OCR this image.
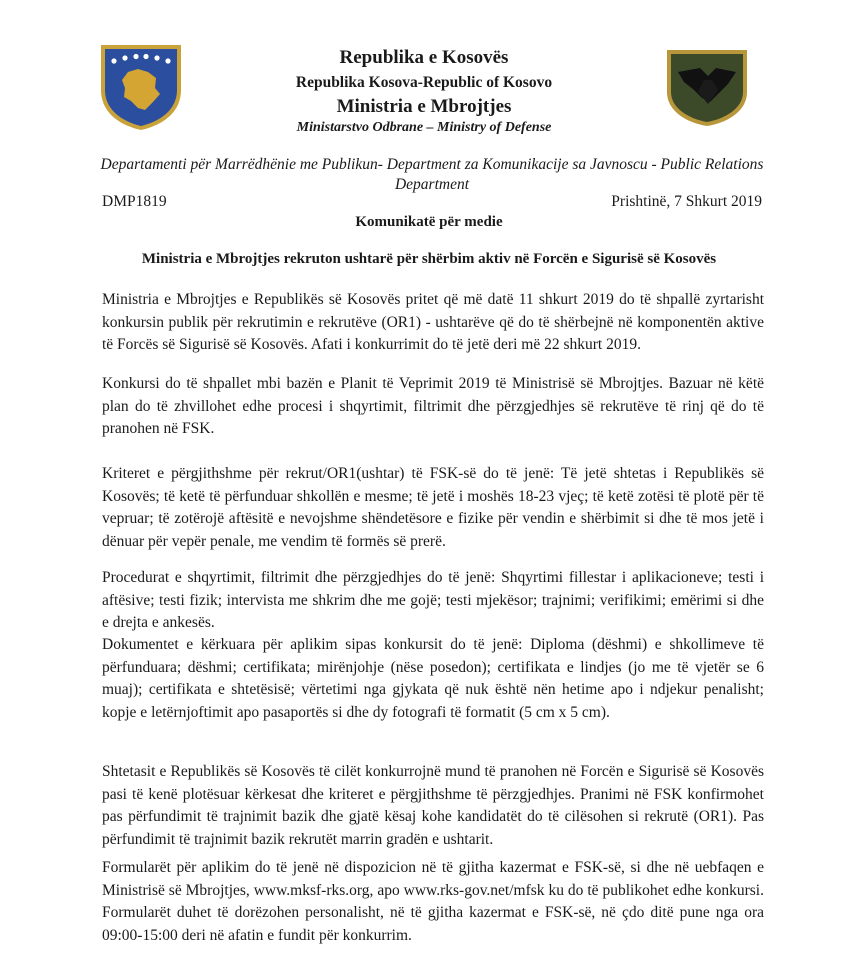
Republika e Kosovës
Republika Kosova-Republic of Kosovo
Ministria e Mbrojtjes
Ministarstvo Odbrane – Ministry of Defense
Departamenti për Marrëdhënie me Publikun- Department za Komunikacije sa Javnoscu - Public Relations Department
DMP1819	Prishtinë, 7 Shkurt 2019
Komunikatë për medie
Ministria e Mbrojtjes rekruton ushtarë për shërbim aktiv në Forcën e Sigurisë së Kosovës

Ministria e Mbrojtjes e Republikës së Kosovës pritet që më datë 11 shkurt 2019 do të shpallë zyrtarisht konkursin publik për rekrutimin e rekrutëve (OR1) - ushtarëve që do të shërbejnë në komponentën aktive të Forcës së Sigurisë së Kosovës. Afati i konkurrimit do të jetë deri më 22 shkurt 2019.

Konkursi do të shpallet mbi bazën e Planit të Veprimit 2019 të Ministrisë së Mbrojtjes. Bazuar në këtë plan do të zhvillohet edhe procesi i shqyrtimit, filtrimit dhe përzgjedhjes së rekrutëve të rinj që do të pranohen në FSK.

Kriteret e përgjithshme për rekrut/OR1(ushtar) të FSK-së do të jenë: Të jetë shtetas i Republikës së Kosovës; të ketë të përfunduar shkollën e mesme; të jetë i moshës 18-23 vjeç; të ketë zotësi të plotë për të vepruar; të zotërojë aftësitë e nevojshme shëndetësore e fizike për vendin e shërbimit si dhe të mos jetë i dënuar për vepër penale, me vendim të formës së prerë.

Procedurat e shqyrtimit, filtrimit dhe përzgjedhjes do të jenë: Shqyrtimi fillestar i aplikacioneve; testi i aftësive; testi fizik; intervista me shkrim dhe me gojë; testi mjekësor; trajnimi; verifikimi; emërimi si dhe e drejta e ankesës.

Dokumentet e kërkuara për aplikim sipas konkursit do të jenë: Diploma (dëshmi) e shkollimeve të përfunduara; dëshmi; certifikata; mirënjohje (nëse posedon); certifikata e lindjes (jo me të vjetër se 6 muaj); certifikata e shtetësisë; vërtetimi nga gjykata që nuk është nën hetime apo i ndjekur penalisht; kopje e letërnjoftimit apo pasaportës si dhe dy fotografi të formatit (5 cm x 5 cm).

Shtetasit e Republikës së Kosovës të cilët konkurrojnë mund të pranohen në Forcën e Sigurisë së Kosovës pasi të kenë plotësuar kërkesat dhe kriteret e përgjithshme të përzgjedhjes. Pranimi në FSK konfirmohet pas përfundimit të trajnimit bazik dhe gjatë kësaj kohe kandidatët do të cilësohen si rekrutë (OR1). Pas përfundimit të trajnimit bazik rekrutët marrin gradën e ushtarit.

Formularët për aplikim do të jenë në dispozicion në të gjitha kazermat e FSK-së, si dhe në uebfaqen e Ministrisë së Mbrojtjes, www.mksf-rks.org, apo www.rks-gov.net/mfsk ku do të publikohet edhe konkursi. Formularët duhet të dorëzohen personalisht, në të gjitha kazermat e FSK-së, në çdo ditë pune nga ora 09:00-15:00 deri në afatin e fundit për konkurrim.
